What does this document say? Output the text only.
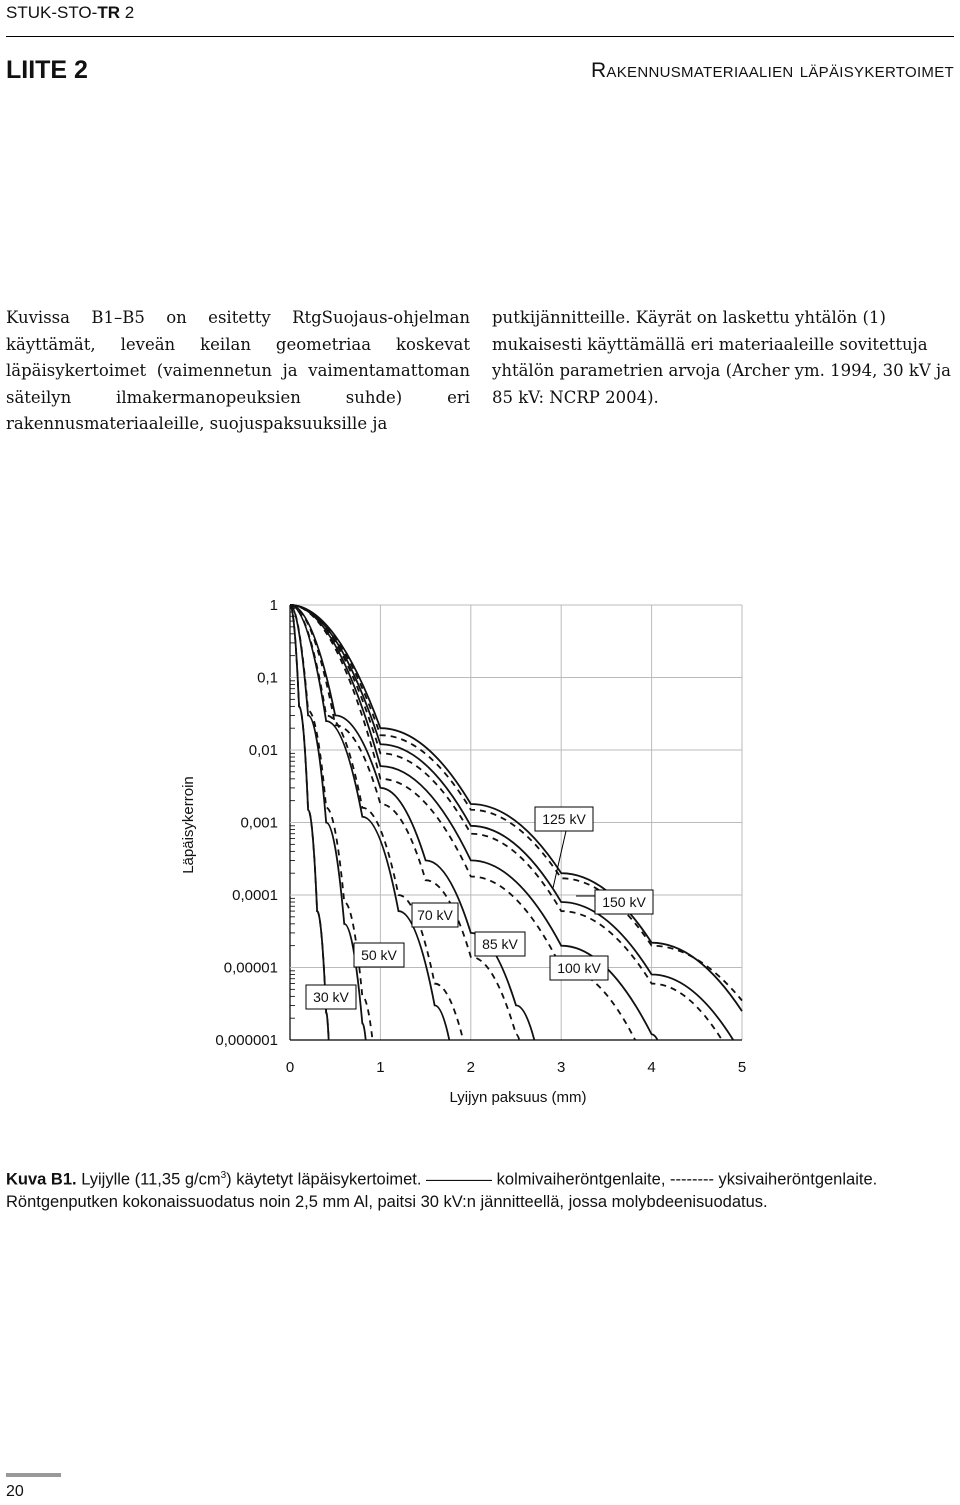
STUK-STO-TR 2
LIITE 2	Rakennusmateriaalien läpäisykertoimet
Kuvissa B1–B5 on esitetty RtgSuojaus-ohjelman käyttämät, leveän keilan geometriaa koskevat läpäisykertoimet (vaimennetun ja vaimentamattoman säteilyn ilmakermanopeuksien suhde) eri rakennusmateriaaleille, suojuspaksuuksille ja
putkijännitteille. Käyrät on laskettu yhtälön (1) mukaisesti käyttämällä eri materiaaleille sovitettuja yhtälön parametrien arvoja (Archer ym. 1994, 30 kV ja 85 kV: NCRP 2004).
0	1	2	3	4	5
1
0,1
0,01
0,001
0,0001
0,00001
0,000001
30 kV
50 kV
70 kV
85 kV
100 kV
125 kV
150 kV
Läpäisykerroin
Lyijyn paksuus (mm)
Kuva B1. Lyijylle (11,35 $g/cm^3$) käytetyt läpäisykertoimet. ———— kolmivaiheröntgenlaite, -------- yksivaiheröntgenlaite. Röntgenputken kokonaissuodatus noin 2,5 mm Al, paitsi 30 kV:n jännitteellä, jossa molybdeenisuodatus.
20
